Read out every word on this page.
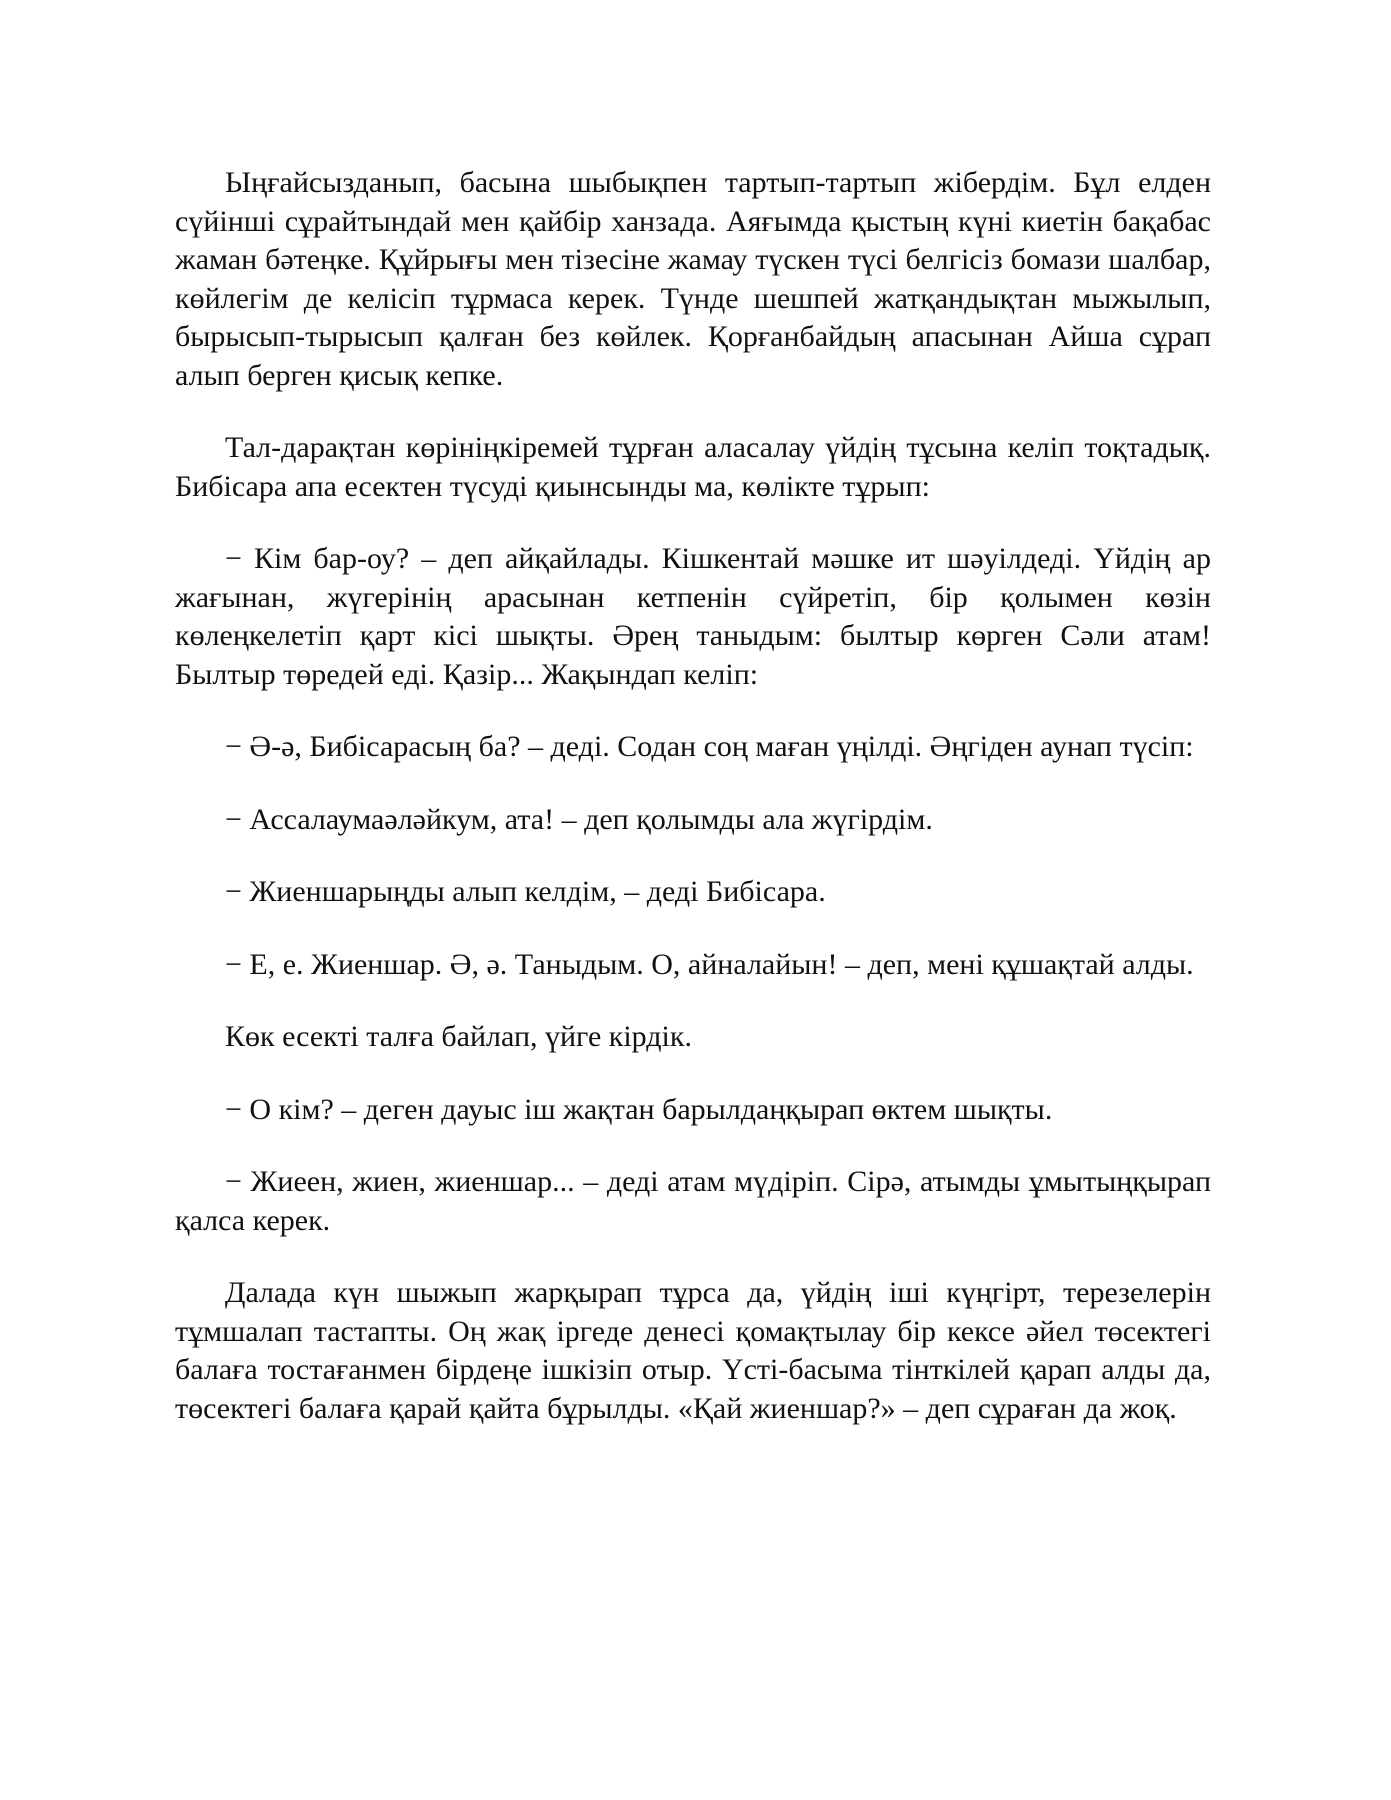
Ыңғайсызданып, басына шыбықпен тартып-тартып жібердім. Бұл елден сүйінші сұрайтындай мен қайбір ханзада. Аяғымда қыстың күні киетін бақабас жаман бәтеңке. Құйрығы мен тізесіне жамау түскен түсі белгісіз бомази шалбар, көйлегім де келісіп тұрмаса керек. Түнде шешпей жатқандықтан мыжылып, бырысып-тырысып қалған без көйлек. Қорғанбайдың апасынан Айша сұрап алып берген қисық кепке.

Тал-дарақтан көрінiңкiремей тұрған аласалау үйдiң тұсына келiп тоқтадық. Бибiсара апа есектен түсудi қиынсынды ма, көлiкте тұрып:

− Кiм бар-оу? – деп айқайлады. Кiшкентай мәшке ит шәуiлдедi. Үйдiң ар жағынан, жүгерiнiң арасынан кетпенiн сүйретiп, бiр қолымен көзiн көлеңкелетiп қарт кiсi шықты. Әрең таныдым: былтыр көрген Сәли атам! Былтыр төредей едi. Қазiр... Жақындап келiп:

− Ә-ә, Бибiсарасың ба? – дедi. Содан соң маған үңiлдi. Әңгiден аунап түсiп:

− Ассалаумаәләйкум, ата! – деп қолымды ала жүгiрдiм.

− Жиеншарыңды алып келдiм, – дедi Бибiсара.

− Е, е. Жиеншар. Ә, ә. Таныдым. О, айналайын! – деп, менi құшақтай алды.

Көк есектi талға байлап, үйге кiрдiк.

− О кiм? – деген дауыс iш жақтан барылдаңқырап өктем шықты.

− Жиеен, жиен, жиеншар... – дедi атам мүдiрiп. Сiрә, атымды ұмытыңқырап қалса керек.

Далада күн шыжып жарқырап тұрса да, үйдiң iшi күңгiрт, терезелерiн тұмшалап тастапты. Оң жақ iргеде денесi қомақтылау бiр кексе әйел төсектегi балаға тостағанмен бiрдеңе iшкiзiп отыр. Үстi-басыма тiнткiлей қарап алды да, төсектегi балаға қарай қайта бұрылды. «Қай жиеншар?» – деп сұраған да жоқ.
